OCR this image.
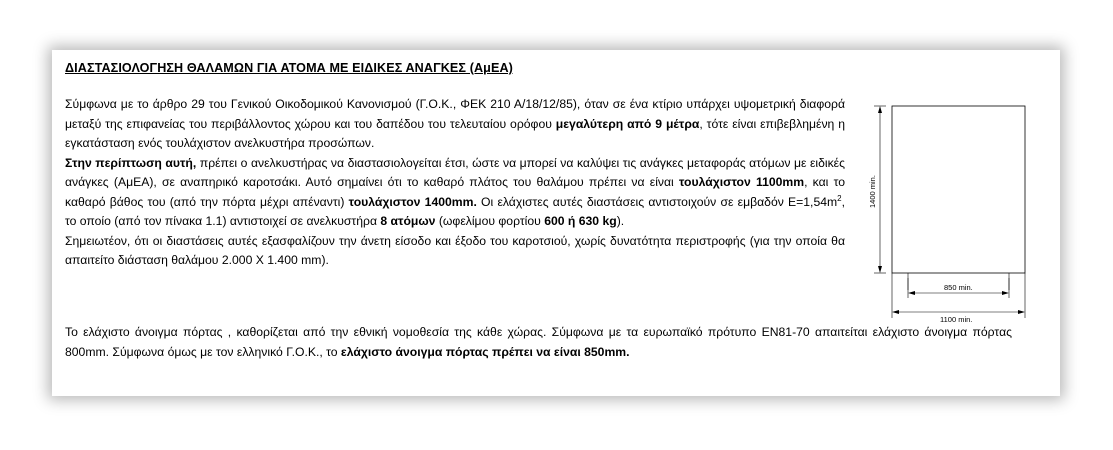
ΔΙΑΣΤΑΣΙΟΛΟΓΗΣΗ ΘΑΛΑΜΩΝ ΓΙΑ ΑΤΟΜΑ ΜΕ ΕΙΔΙΚΕΣ ΑΝΑΓΚΕΣ (ΑμΕΑ)

Σύμφωνα με το άρθρο 29 του Γενικού Οικοδομικού Κανονισμού (Γ.Ο.Κ., ΦΕΚ 210 Α/18/12/85), όταν σε ένα κτίριο υπάρχει υψομετρική διαφορά μεταξύ της επιφανείας του περιβάλλοντος χώρου και του δαπέδου του τελευταίου ορόφου μεγαλύτερη από 9 μέτρα, τότε είναι επιβεβλημένη η εγκατάσταση ενός τουλάχιστον ανελκυστήρα προσώπων.

Στην περίπτωση αυτή, πρέπει ο ανελκυστήρας να διαστασιολογείται έτσι, ώστε να μπορεί να καλύψει τις ανάγκες μεταφοράς ατόμων με ειδικές ανάγκες (ΑμΕΑ), σε αναπηρικό καροτσάκι. Αυτό σημαίνει ότι το καθαρό πλάτος του θαλάμου πρέπει να είναι τουλάχιστον 1100mm, και το καθαρό βάθος του (από την πόρτα μέχρι απέναντι) τουλάχιστον 1400mm. Οι ελάχιστες αυτές διαστάσεις αντιστοιχούν σε εμβαδόν $E=1,54m^2$, το οποίο (από τον πίνακα 1.1) αντιστοιχεί σε ανελκυστήρα 8 ατόμων (ωφελίμου φορτίου 600 ή 630 kg).

Σημειωτέον, ότι οι διαστάσεις αυτές εξασφαλίζουν την άνετη είσοδο και έξοδο του καροτσιού, χωρίς δυνατότητα περιστροφής (για την οποία θα απαιτείτο διάσταση θαλάμου 2.000 Χ 1.400 mm).

Το ελάχιστο άνοιγμα πόρτας , καθορίζεται από την εθνική νομοθεσία της κάθε χώρας. Σύμφωνα με τα ευρωπαϊκό πρότυπο ΕΝ81-70 απαιτείται ελάχιστο άνοιγμα πόρτας 800mm. Σύμφωνα όμως με τον ελληνικό Γ.Ο.Κ., το ελάχιστο άνοιγμα πόρτας πρέπει να είναι 850mm.

1400 min.
850 min.
1100 min.
